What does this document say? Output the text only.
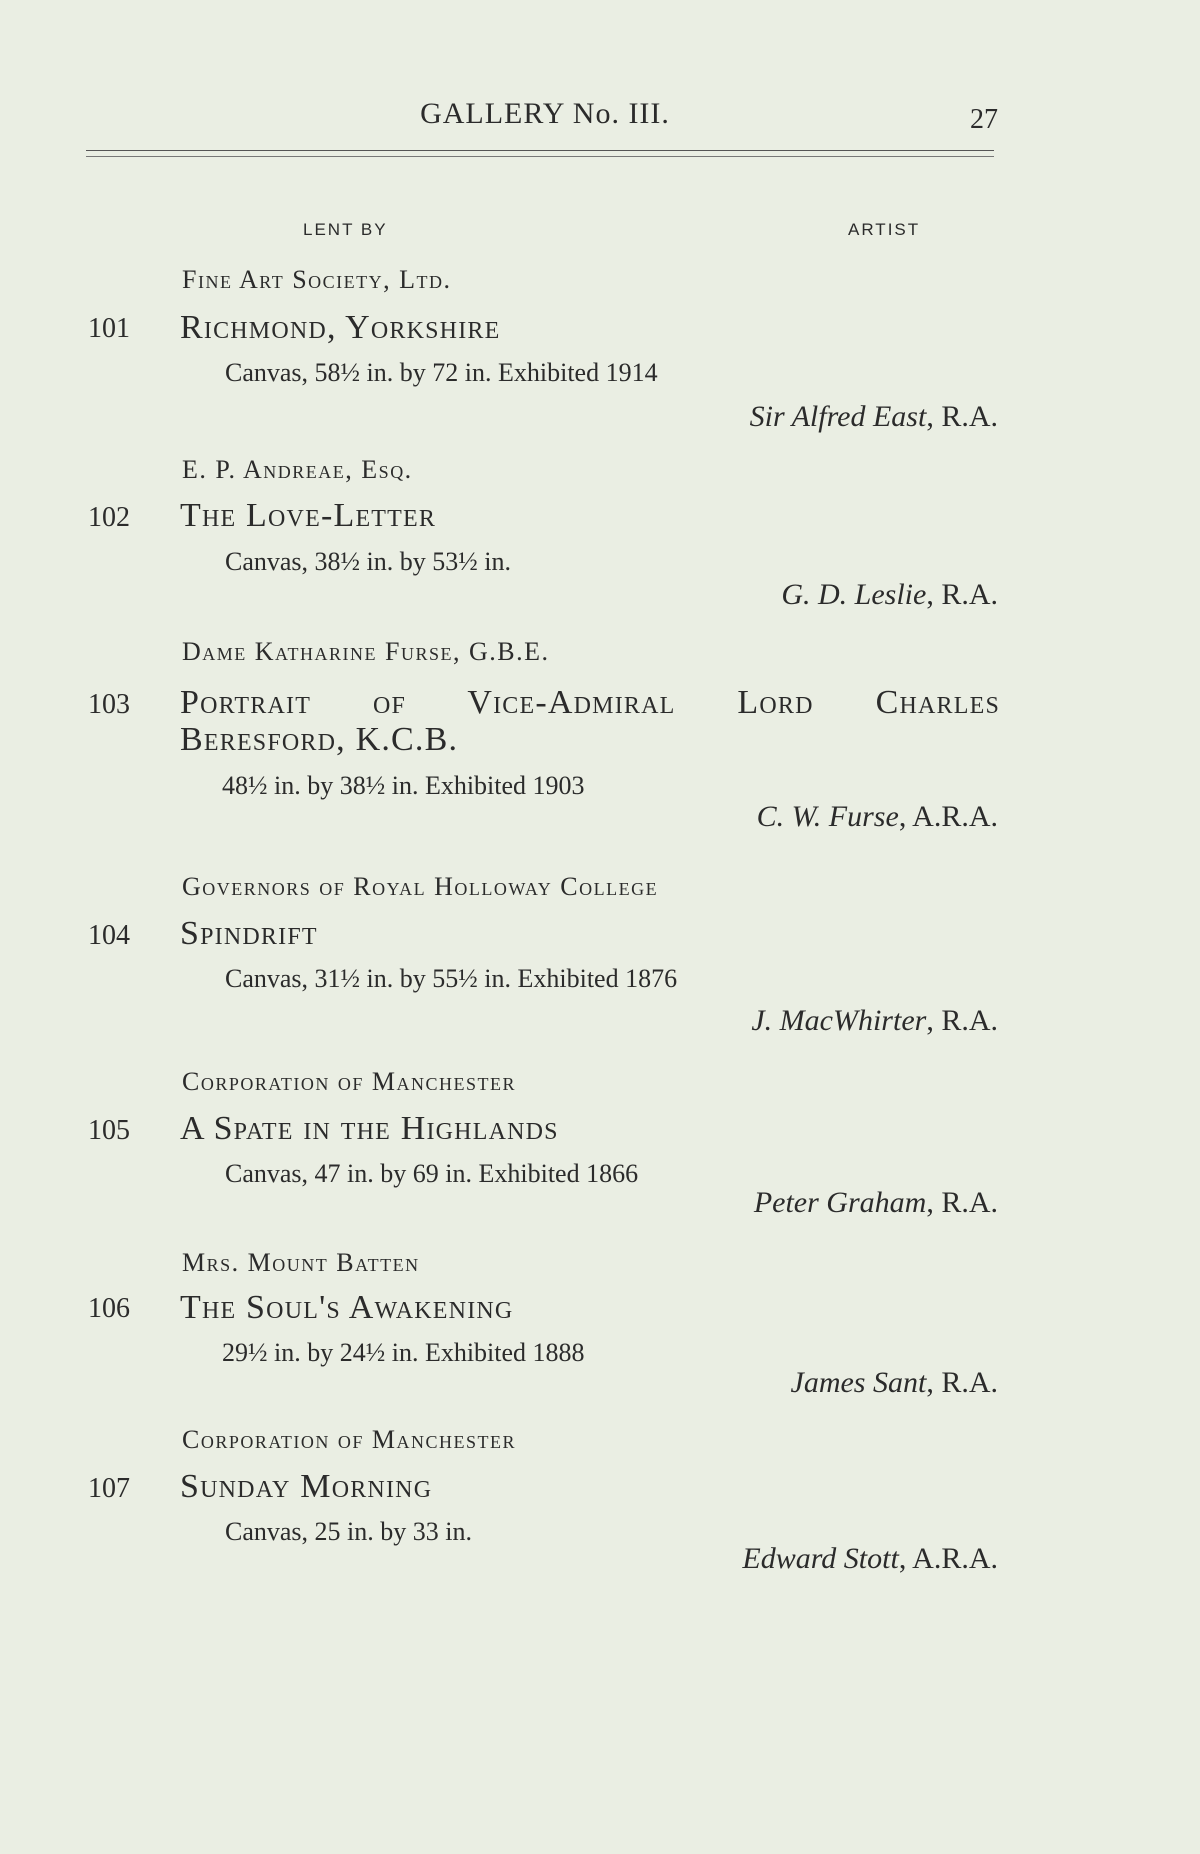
GALLERY No. III.	27
LENT BY	ARTIST
Fine Art Society, Ltd.
101 Richmond, Yorkshire
Canvas, 58½ in. by 72 in. Exhibited 1914
Sir Alfred East, R.A.
E. P. Andreae, Esq.
102 The Love-Letter
Canvas, 38½ in. by 53½ in.
G. D. Leslie, R.A.
Dame Katharine Furse, G.B.E.
103 Portrait of Vice-Admiral Lord Charles
Beresford, K.C.B.
48½ in. by 38½ in. Exhibited 1903
C. W. Furse, A.R.A.
Governors of Royal Holloway College
104 Spindrift
Canvas, 31½ in. by 55½ in. Exhibited 1876
J. MacWhirter, R.A.
Corporation of Manchester
105 A Spate in the Highlands
Canvas, 47 in. by 69 in. Exhibited 1866
Peter Graham, R.A.
Mrs. Mount Batten
106 The Soul's Awakening
29½ in. by 24½ in. Exhibited 1888
James Sant, R.A.
Corporation of Manchester
107 Sunday Morning
Canvas, 25 in. by 33 in.
Edward Stott, A.R.A.
